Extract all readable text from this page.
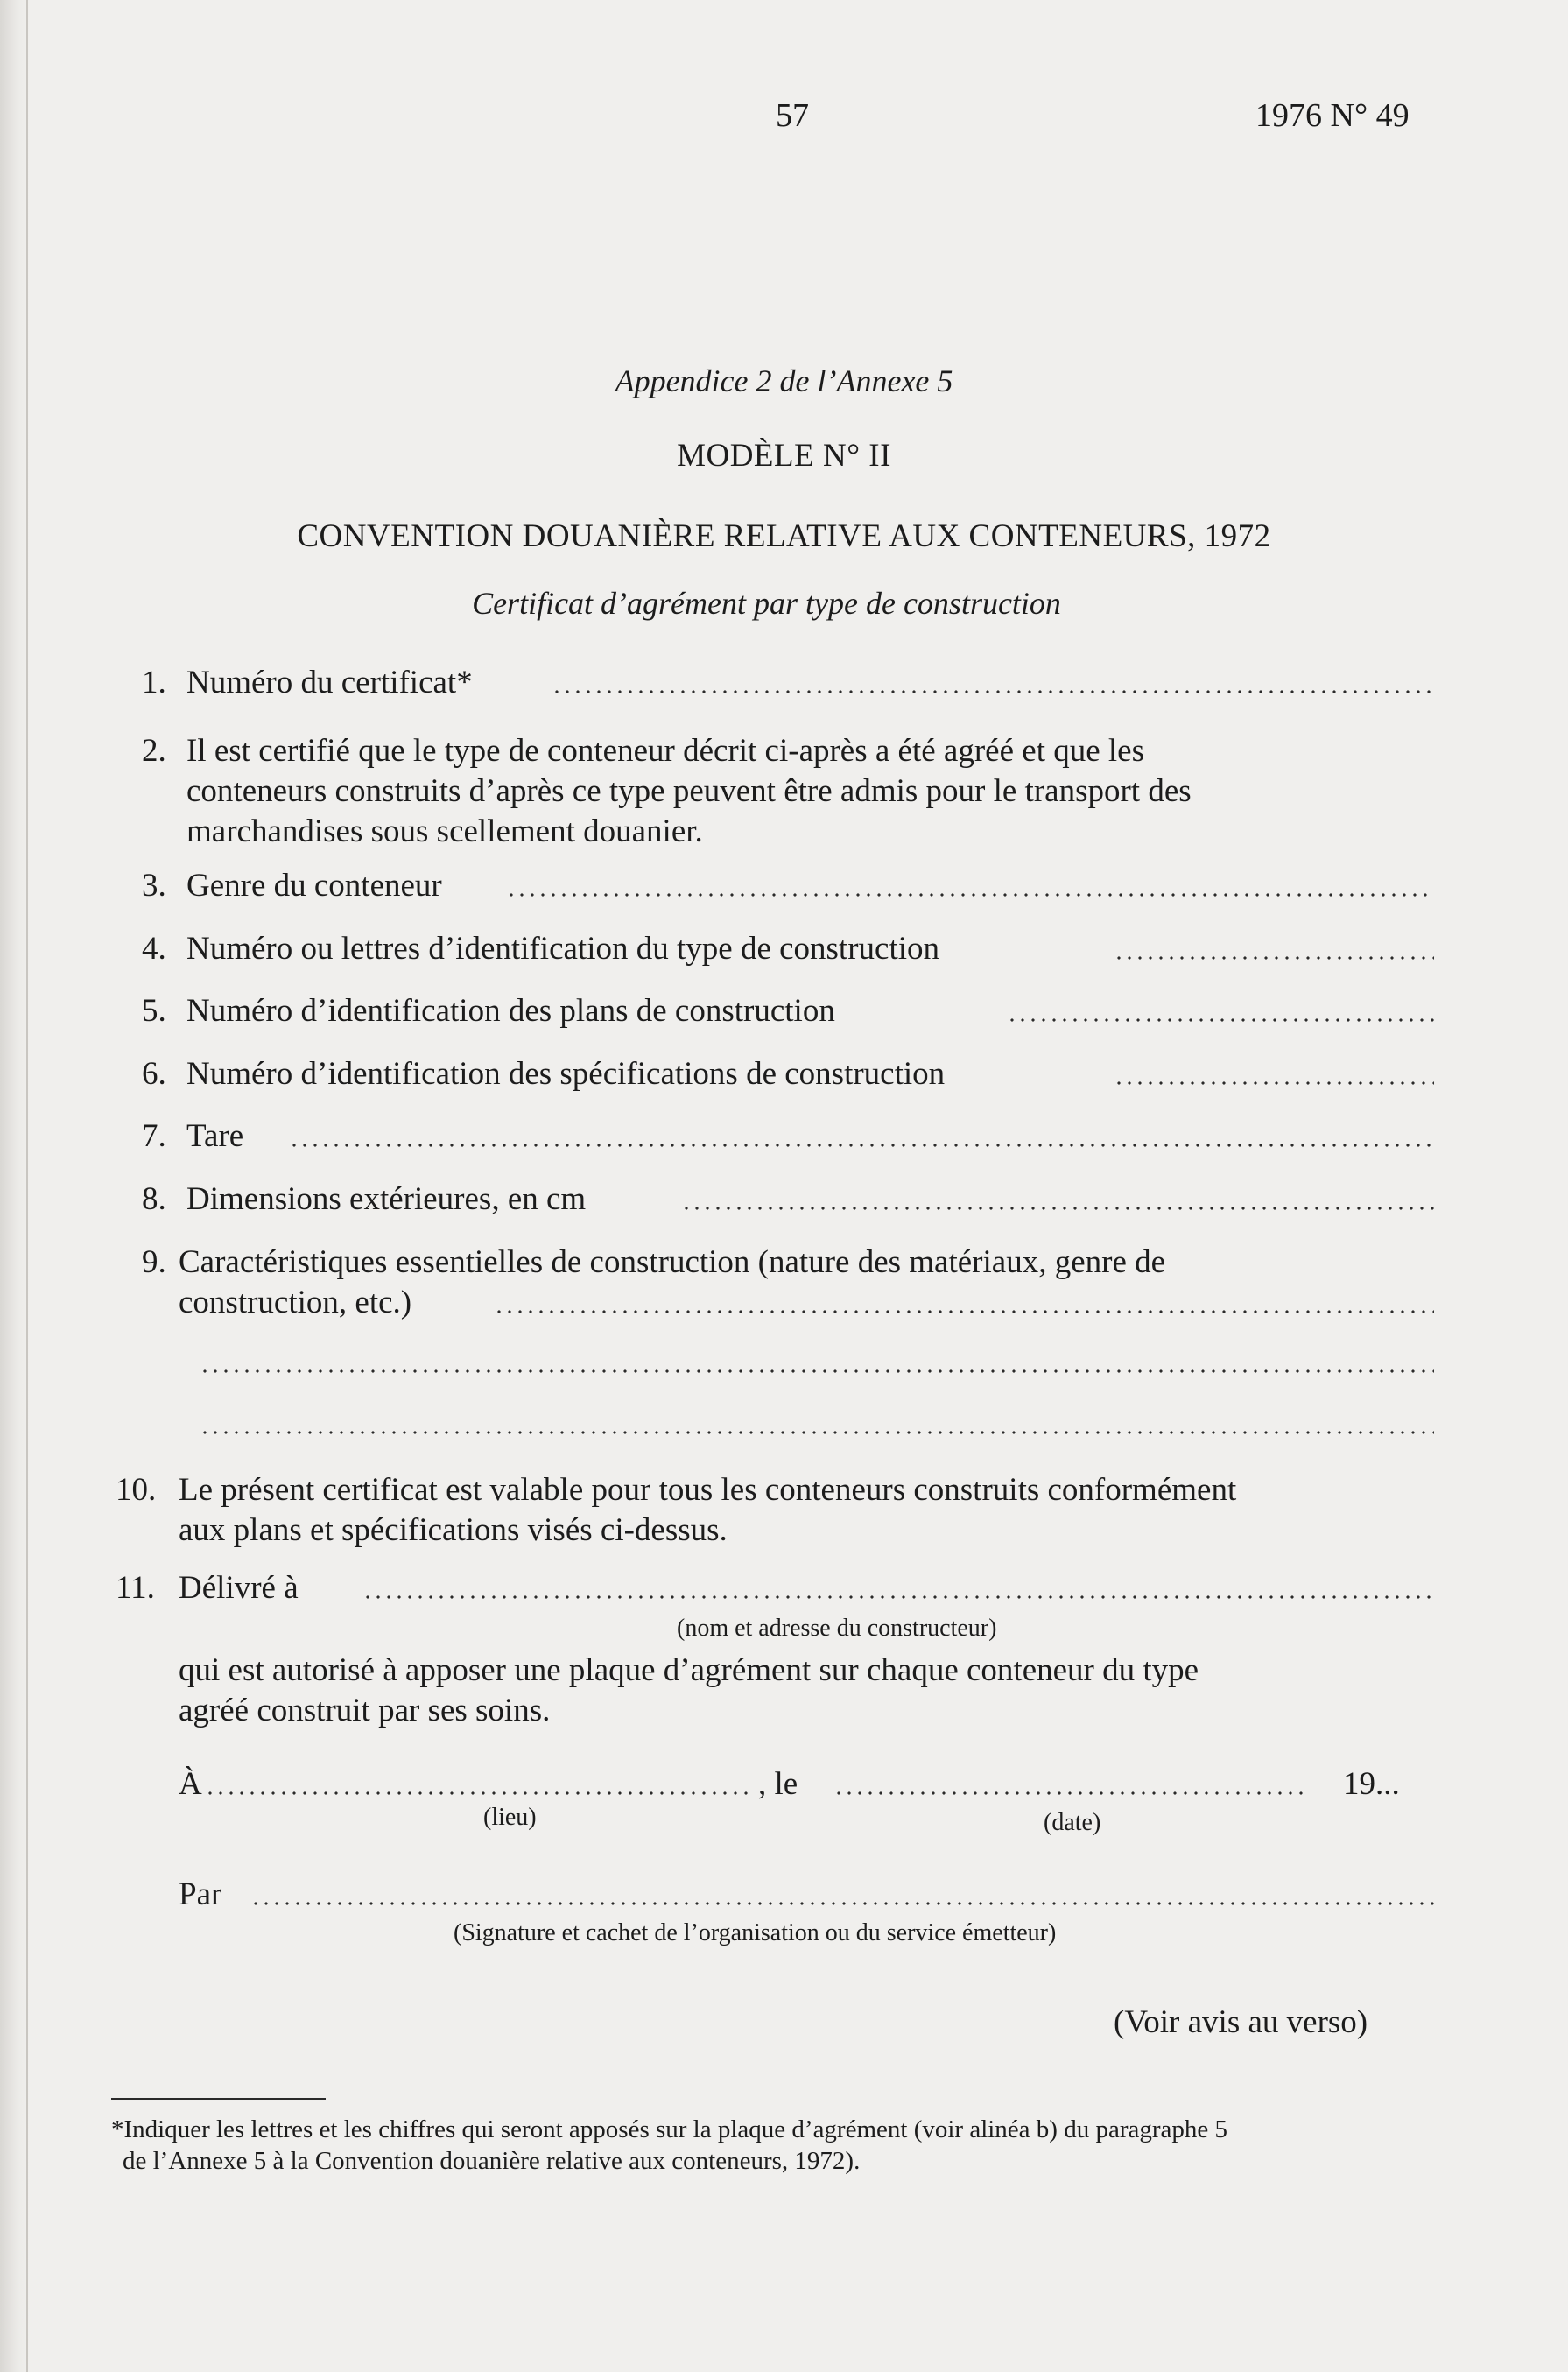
57	1976 N° 49
Appendice 2 de l’Annexe 5
MODÈLE N° II
CONVENTION DOUANIÈRE RELATIVE AUX CONTENEURS, 1972
Certificat d’agrément par type de construction
1. Numéro du certificat*
2. Il est certifié que le type de conteneur décrit ci-après a été agréé et que les
conteneurs construits d’après ce type peuvent être admis pour le transport des
marchandises sous scellement douanier.
3. Genre du conteneur
4. Numéro ou lettres d’identification du type de construction
5. Numéro d’identification des plans de construction
6. Numéro d’identification des spécifications de construction
7. Tare
8. Dimensions extérieures, en cm
9. Caractéristiques essentielles de construction (nature des matériaux, genre de
construction, etc.)
10. Le présent certificat est valable pour tous les conteneurs construits conformément
aux plans et spécifications visés ci-dessus.
11. Délivré à
(nom et adresse du constructeur)
qui est autorisé à apposer une plaque d’agrément sur chaque conteneur du type
agréé construit par ses soins.
À	, le	19...
(lieu)	(date)
Par
(Signature et cachet de l’organisation ou du service émetteur)
(Voir avis au verso)
*Indiquer les lettres et les chiffres qui seront apposés sur la plaque d’agrément (voir alinéa b) du paragraphe 5
de l’Annexe 5 à la Convention douanière relative aux conteneurs, 1972).
